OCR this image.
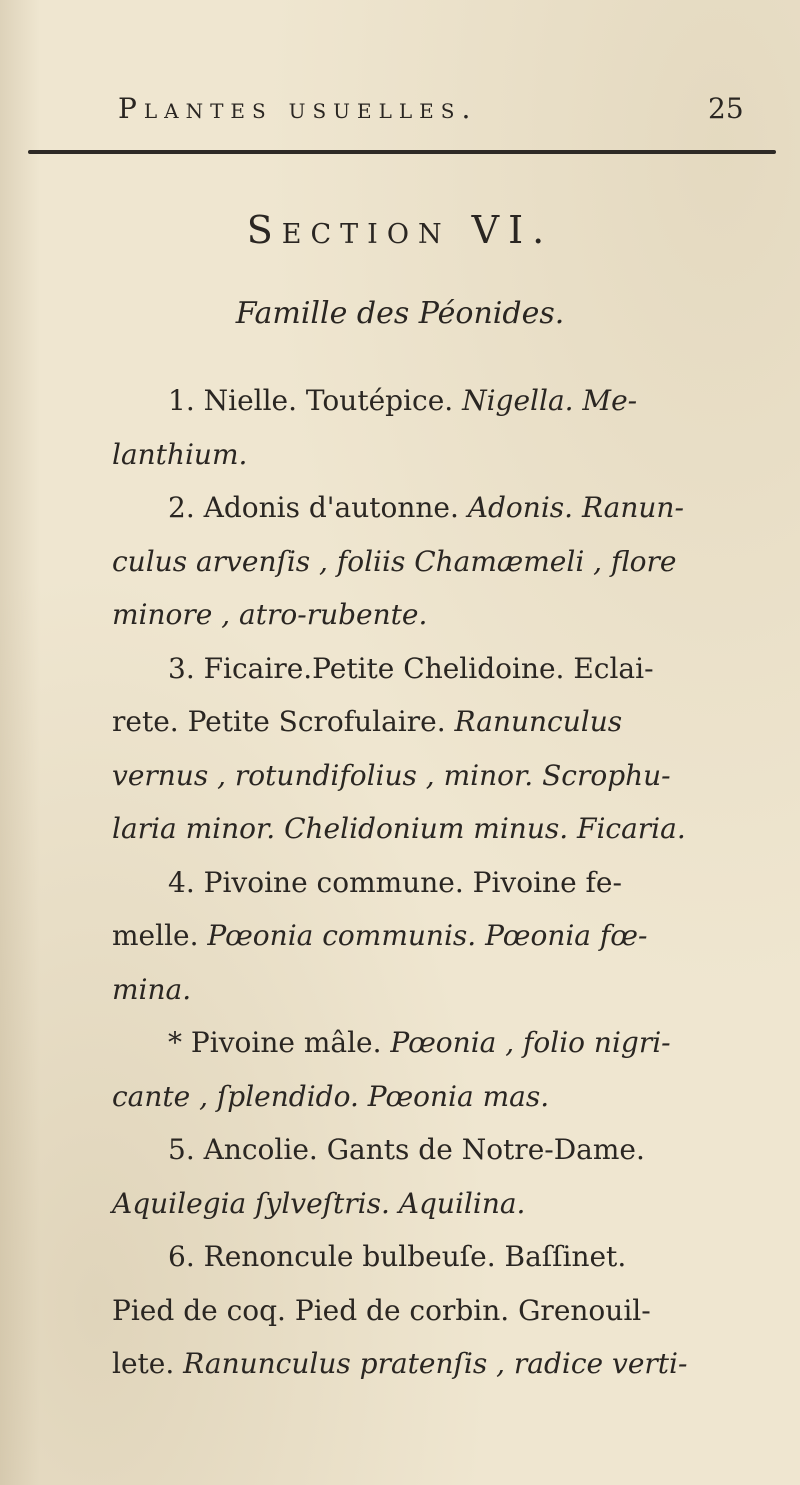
Plantes usuelles.	25
Section VI.
Famille des Péonides.
1. Nielle. Toutépice. Nigella. Me-
lanthium.
2. Adonis d'autonne. Adonis. Ranun-
culus arvenſis , foliis Chamæmeli , flore
minore , atro-rubente.
3. Ficaire.Petite Chelidoine. Eclai-
rete. Petite Scrofulaire. Ranunculus
vernus , rotundifolius , minor. Scrophu-
laria minor. Chelidonium minus. Ficaria.
4. Pivoine commune. Pivoine fe-
melle. Pœonia communis. Pœonia fœ-
mina.
* Pivoine mâle. Pœonia , folio nigri-
cante , ſplendido. Pœonia mas.
5. Ancolie. Gants de Notre-Dame.
Aquilegia ſylveſtris. Aquilina.
6. Renoncule bulbeuſe. Baſſinet.
Pied de coq. Pied de corbin. Grenouil-
lete. Ranunculus pratenſis , radice verti-
